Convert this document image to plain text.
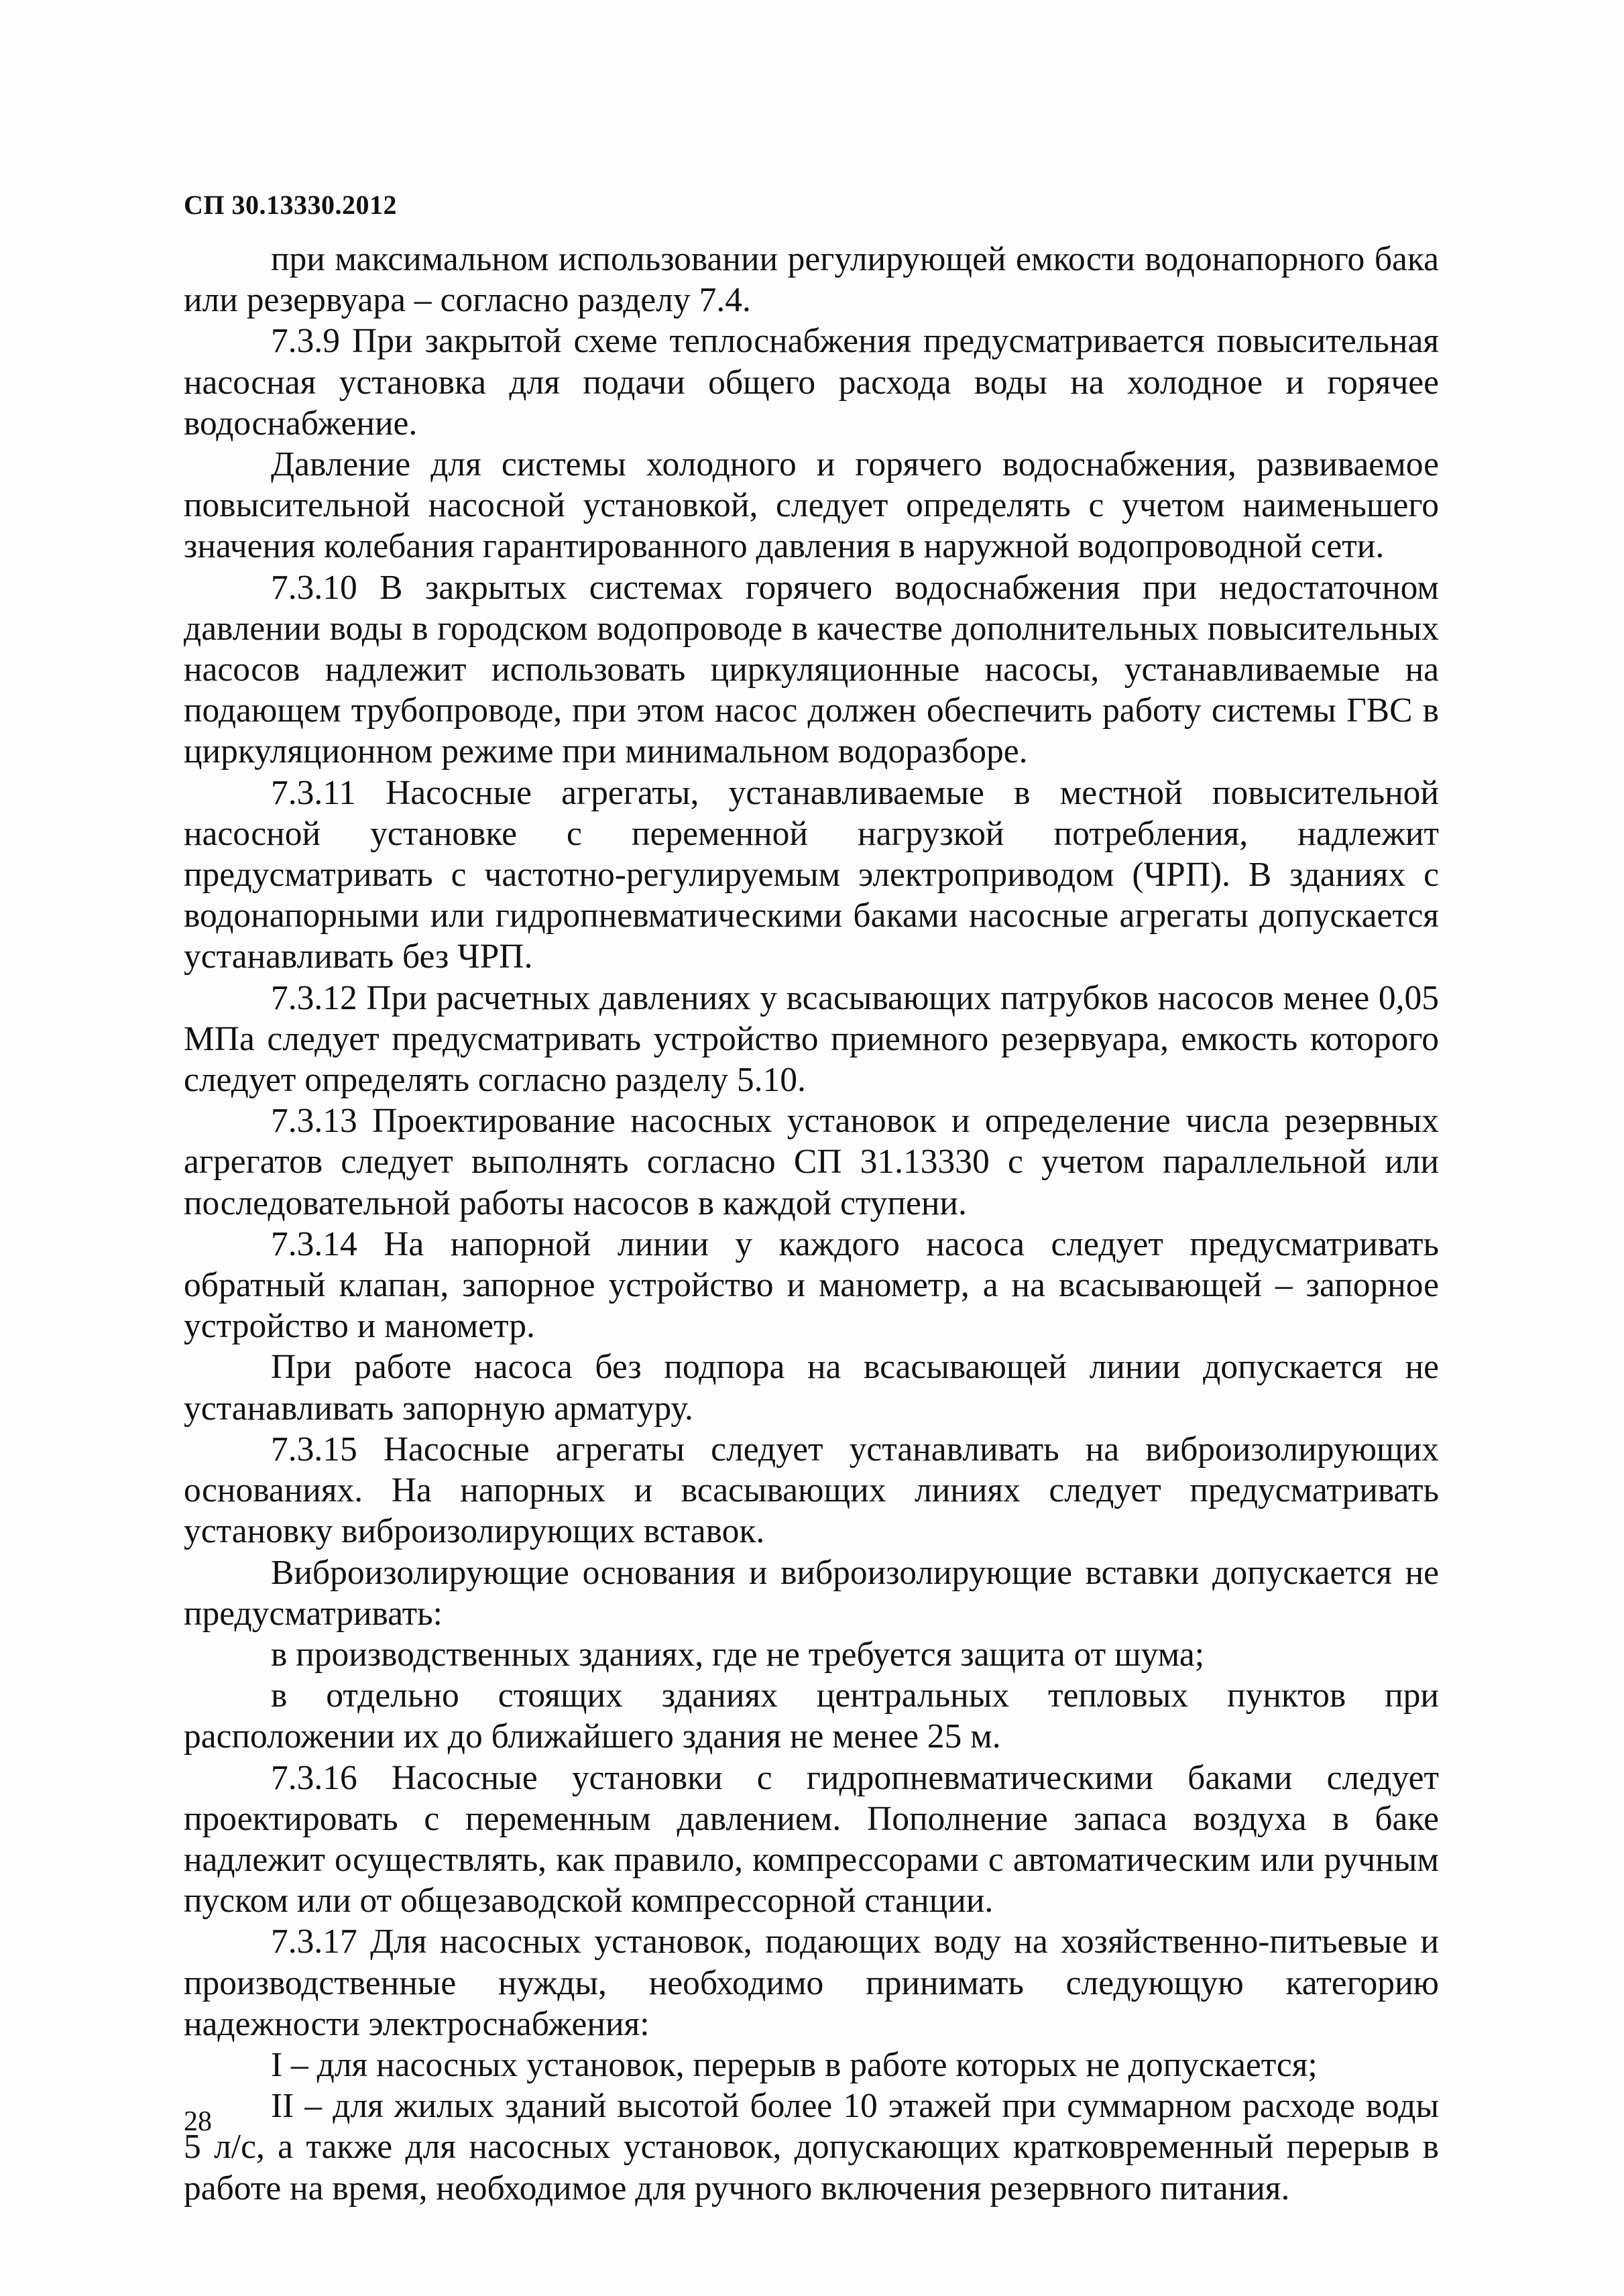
СП 30.13330.2012

при максимальном использовании регулирующей емкости водонапорного бака или резервуара – согласно разделу 7.4.

7.3.9 При закрытой схеме теплоснабжения предусматривается повысительная насосная установка для подачи общего расхода воды на холодное и горячее водоснабжение.

Давление для системы холодного и горячего водоснабжения, развиваемое повысительной насосной установкой, следует определять с учетом наименьшего значения колебания гарантированного давления в наружной водопроводной сети.

7.3.10 В закрытых системах горячего водоснабжения при недостаточном давлении воды в городском водопроводе в качестве дополнительных повысительных насосов надлежит использовать циркуляционные насосы, устанавливаемые на подающем трубопроводе, при этом насос должен обеспечить работу системы ГВС в циркуляционном режиме при минимальном водоразборе.

7.3.11 Насосные агрегаты, устанавливаемые в местной повысительной насосной установке с переменной нагрузкой потребления, надлежит предусматривать с частотно-регулируемым электроприводом (ЧРП). В зданиях с водонапорными или гидропневматическими баками насосные агрегаты допускается устанавливать без ЧРП.

7.3.12 При расчетных давлениях у всасывающих патрубков насосов менее 0,05 МПа следует предусматривать устройство приемного резервуара, емкость которого следует определять согласно разделу 5.10.

7.3.13 Проектирование насосных установок и определение числа резервных агрегатов следует выполнять согласно СП 31.13330 с учетом параллельной или последовательной работы насосов в каждой ступени.

7.3.14 На напорной линии у каждого насоса следует предусматривать обратный клапан, запорное устройство и манометр, а на всасывающей – запорное устройство и манометр.

При работе насоса без подпора на всасывающей линии допускается не устанавливать запорную арматуру.

7.3.15 Насосные агрегаты следует устанавливать на виброизолирующих основаниях. На напорных и всасывающих линиях следует предусматривать установку виброизолирующих вставок.

Виброизолирующие основания и виброизолирующие вставки допускается не предусматривать:

в производственных зданиях, где не требуется защита от шума;

в отдельно стоящих зданиях центральных тепловых пунктов при расположении их до ближайшего здания не менее 25 м.

7.3.16 Насосные установки с гидропневматическими баками следует проектировать с переменным давлением. Пополнение запаса воздуха в баке надлежит осуществлять, как правило, компрессорами с автоматическим или ручным пуском или от общезаводской компрессорной станции.

7.3.17 Для насосных установок, подающих воду на хозяйственно-питьевые и производственные нужды, необходимо принимать следующую категорию надежности электроснабжения:

I – для насосных установок, перерыв в работе которых не допускается;

II – для жилых зданий высотой более 10 этажей при суммарном расходе воды 5 л/с, а также для насосных установок, допускающих кратковременный перерыв в работе на время, необходимое для ручного включения резервного питания.

28
